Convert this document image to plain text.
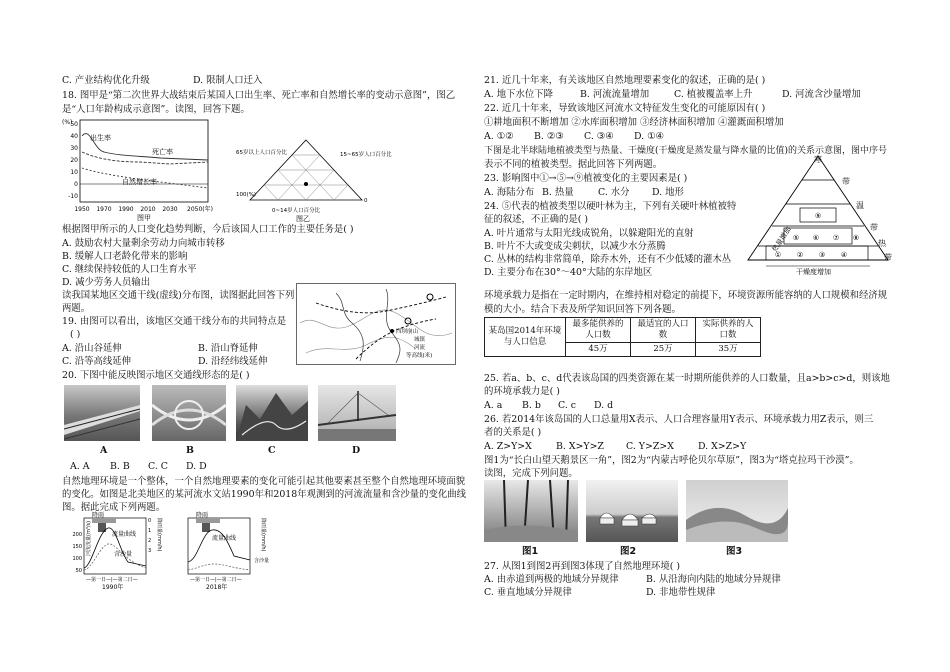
C. 产业结构优化升级	D. 限制人口迁入
18. 图甲是“第二次世界大战结束后某国人口出生率、死亡率和自然增长率的变动示意图”，图乙
是“人口年龄构成示意图”。读图，回答下题。
(%)
50
40
30
20
10
0
-10
出生率
死亡率
自然增长率
1950 1970 1990 2010 2030 2050(年)
图甲
65岁以上人口百分比	15~65岁人口百分比
0~14岁人口百分比
100(%)
0
图乙
根据图甲所示的人口变化趋势判断，今后该国人口工作的主要任务是( )
A. 鼓励农村大量剩余劳动力向城市转移
B. 缓解人口老龄化带来的影响
C. 继续保持较低的人口生育水平
D. 减少劳务人员输出
读我国某地区交通干线(虚线)分布图，读图据此回答下列
两题。
19. 由图可以看出，该地区交通干线分布的共同特点是
( )
A. 沿山谷延伸	B. 沿山脊延伸
C. 沿等高线延伸	D. 沿经纬线延伸
四坝崩山
城镇
河流
等高线(米)
20. 下图中能反映图示地区交通线形态的是( )
A	B	C	D
A. A B. B C. C D. D
自然地理环境是一个整体，一个自然地理要素的变化可能引起其他要素甚至整个自然地理环境面貌
的变化。如图是北美地区的某河流水文站1990年和2018年观测到的河流流量和含沙量的变化曲线
图。据此完成下列两题。
降雨
流量曲线
含沙量
河流流量(m³/s)
200
150
100
50
0
1
2
3 降雨量(mm/h)
—第一日—|—第二日—
1990年
降雨
流量曲线
含沙量
降雨量(mm/h)
—第一日—|—第二日—
2018年
21. 近几十年来，有关该地区自然地理要素变化的叙述，正确的是( )
A. 地下水位下降	B. 河流流量增加	C. 植被覆盖率上升	D. 河流含沙量增加
22. 近几十年来，导致该地区河流水文特征发生变化的可能原因有( )
①耕地面积不断增加 ②水库面积增加 ③经济林面积增加 ④灌溉面积增加
A. ①② B. ②③ C. ③④ D. ①④
下图是北半球陆地植被类型与热量、干燥度(干燥度是蒸发量与降水量的比值)的关系示意图，图中序号
表示不同的植被类型。据此回答下列两题。
23. 影响图中①→⑤→⑨植被变化的主要因素是( )
A. 海陆分布 B. 热量	C. 水分 D. 地形
24. ⑤代表的植被类型以硬叶林为主，下列有关硬叶林植被特
征的叙述，不正确的是( )
A. 叶片通常与太阳光线成锐角，以躲避阳光的直射
B. 叶片不大或变成尖刺状，以减少水分蒸腾
C. 丛林的结构非常简单，除乔木外，还有不少低矮的灌木丛
D. 主要分布在30°～40°大陆的东岸地区
⑨
⑤ ⑥ ⑦ ⑧
① ② ③ ④
寒
带
温
带
热
带
热量增加
干燥度增加
环境承载力是指在一定时期内，在维持相对稳定的前提下，环境资源所能容纳的人口规模和经济规
模的大小。结合下表及所学知识回答下列各题。
某岛国2014年环境与人口信息	最多能供养的人口数	最适宜的人口数	实际供养的人口数
	45万	25万	35万
25. 若a、b、c、d代表该岛国的四类资源在某一时期所能供养的人口数量，且a>b>c>d，则该地
的环境承载力是( )
A. a B. b C. c D. d
26. 若2014年该岛国的人口总量用X表示、人口合理容量用Y表示、环境承载力用Z表示，则三
者的关系是( )
A. Z>Y>X	B. X>Y>Z C. Y>Z>X	D. X>Z>Y
图1为“长白山望天鹅景区一角”，图2为“内蒙古呼伦贝尔草原”，图3为“塔克拉玛干沙漠”。
读图，完成下列问题。
图1	图2	图3
27. 从图1到图2再到图3体现了自然地理环境( )
A. 由赤道到两极的地域分异规律	B. 从沿海向内陆的地域分异规律
C. 垂直地域分异规律	D. 非地带性规律
